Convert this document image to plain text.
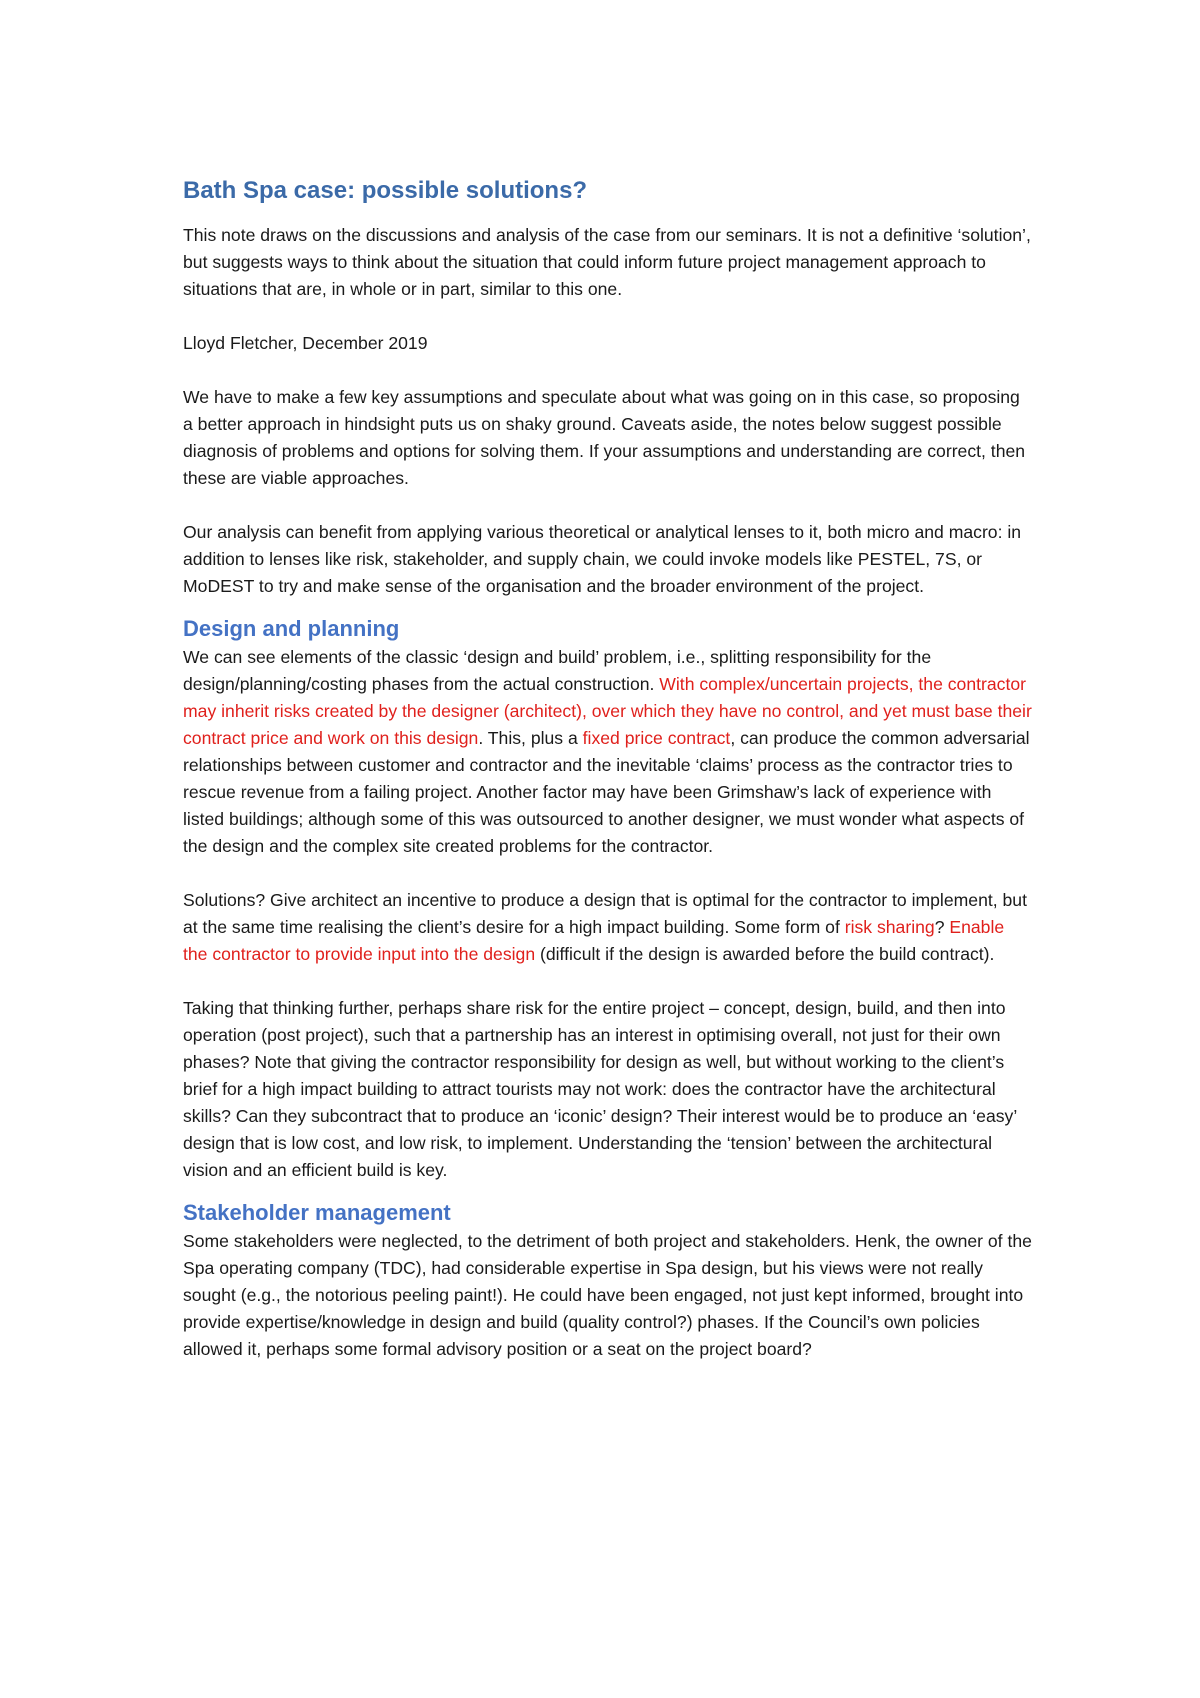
Bath Spa case: possible solutions?

This note draws on the discussions and analysis of the case from our seminars. It is not a definitive ‘solution’, but suggests ways to think about the situation that could inform future project management approach to situations that are, in whole or in part, similar to this one.

Lloyd Fletcher, December 2019

We have to make a few key assumptions and speculate about what was going on in this case, so proposing a better approach in hindsight puts us on shaky ground. Caveats aside, the notes below suggest possible diagnosis of problems and options for solving them. If your assumptions and understanding are correct, then these are viable approaches.

Our analysis can benefit from applying various theoretical or analytical lenses to it, both micro and macro: in addition to lenses like risk, stakeholder, and supply chain, we could invoke models like PESTEL, 7S, or MoDEST to try and make sense of the organisation and the broader environment of the project.

Design and planning

We can see elements of the classic ‘design and build’ problem, i.e., splitting responsibility for the design/planning/costing phases from the actual construction. With complex/uncertain projects, the contractor may inherit risks created by the designer (architect), over which they have no control, and yet must base their contract price and work on this design. This, plus a fixed price contract, can produce the common adversarial relationships between customer and contractor and the inevitable ‘claims’ process as the contractor tries to rescue revenue from a failing project. Another factor may have been Grimshaw’s lack of experience with listed buildings; although some of this was outsourced to another designer, we must wonder what aspects of the design and the complex site created problems for the contractor.

Solutions? Give architect an incentive to produce a design that is optimal for the contractor to implement, but at the same time realising the client’s desire for a high impact building. Some form of risk sharing? Enable the contractor to provide input into the design (difficult if the design is awarded before the build contract).

Taking that thinking further, perhaps share risk for the entire project – concept, design, build, and then into operation (post project), such that a partnership has an interest in optimising overall, not just for their own phases? Note that giving the contractor responsibility for design as well, but without working to the client’s brief for a high impact building to attract tourists may not work: does the contractor have the architectural skills? Can they subcontract that to produce an ‘iconic’ design? Their interest would be to produce an ‘easy’ design that is low cost, and low risk, to implement. Understanding the ‘tension’ between the architectural vision and an efficient build is key.

Stakeholder management

Some stakeholders were neglected, to the detriment of both project and stakeholders. Henk, the owner of the Spa operating company (TDC), had considerable expertise in Spa design, but his views were not really sought (e.g., the notorious peeling paint!). He could have been engaged, not just kept informed, brought into provide expertise/knowledge in design and build (quality control?) phases. If the Council’s own policies allowed it, perhaps some formal advisory position or a seat on the project board?
